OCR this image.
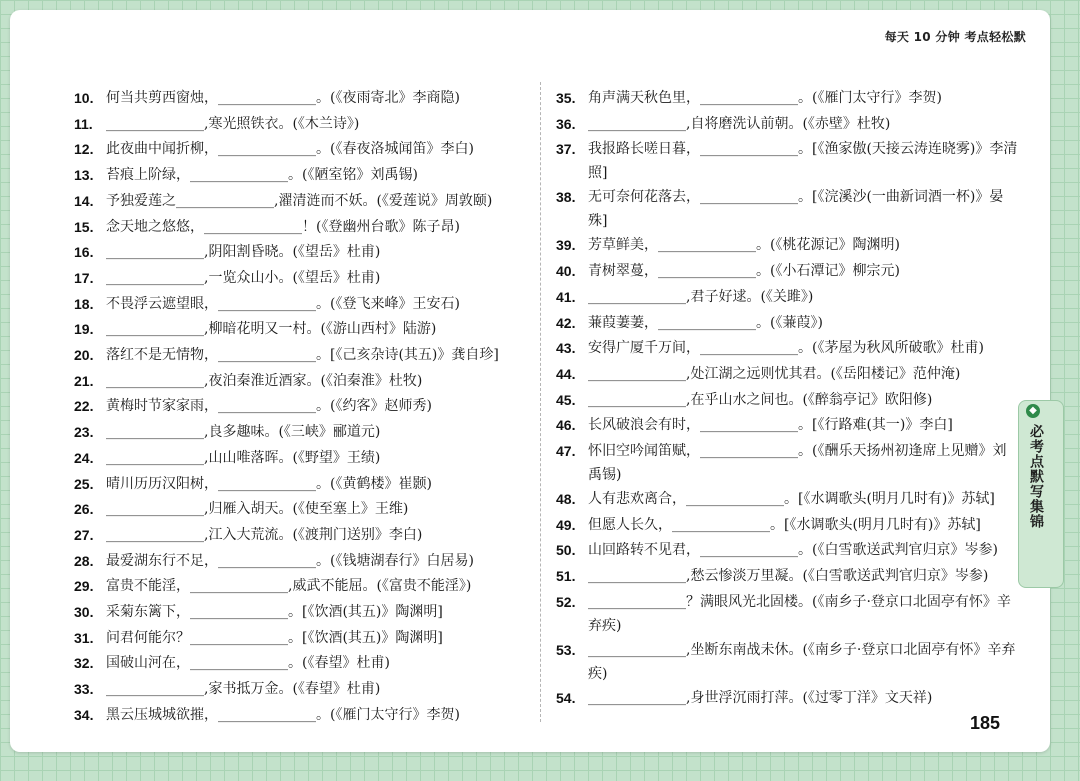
每天 10 分钟 考点轻松默
10. 何当共剪西窗烛，______________。(《夜雨寄北》李商隐)
11. ______________,寒光照铁衣。(《木兰诗》)
12. 此夜曲中闻折柳，______________。(《春夜洛城闻笛》李白)
13. 苔痕上阶绿，______________。(《陋室铭》刘禹锡)
14. 予独爱莲之______________,濯清涟而不妖。(《爱莲说》周敦颐)
15. 念天地之悠悠，______________！(《登幽州台歌》陈子昂)
16. ______________,阴阳割昏晓。(《望岳》杜甫)
17. ______________,一览众山小。(《望岳》杜甫)
18. 不畏浮云遮望眼，______________。(《登飞来峰》王安石)
19. ______________,柳暗花明又一村。(《游山西村》陆游)
20. 落红不是无情物，______________。[《己亥杂诗(其五)》龚自珍]
21. ______________,夜泊秦淮近酒家。(《泊秦淮》杜牧)
22. 黄梅时节家家雨，______________。(《约客》赵师秀)
23. ______________,良多趣味。(《三峡》郦道元)
24. ______________,山山唯落晖。(《野望》王绩)
25. 晴川历历汉阳树，______________。(《黄鹤楼》崔颢)
26. ______________,归雁入胡天。(《使至塞上》王维)
27. ______________,江入大荒流。(《渡荆门送别》李白)
28. 最爱湖东行不足，______________。(《钱塘湖春行》白居易)
29. 富贵不能淫，______________,威武不能屈。(《富贵不能淫》)
30. 采菊东篱下，______________。[《饮酒(其五)》陶渊明]
31. 问君何能尔？______________。[《饮酒(其五)》陶渊明]
32. 国破山河在，______________。(《春望》杜甫)
33. ______________,家书抵万金。(《春望》杜甫)
34. 黑云压城城欲摧，______________。(《雁门太守行》李贺)
35. 角声满天秋色里，______________。(《雁门太守行》李贺)
36. ______________,自将磨洗认前朝。(《赤壁》杜牧)
37. 我报路长嗟日暮，______________。[《渔家傲(天接云涛连晓雾)》李清照]
38. 无可奈何花落去，______________。[《浣溪沙(一曲新词酒一杯)》晏殊]
39. 芳草鲜美，______________。(《桃花源记》陶渊明)
40. 青树翠蔓，______________。(《小石潭记》柳宗元)
41. ______________,君子好逑。(《关雎》)
42. 蒹葭萋萋，______________。(《蒹葭》)
43. 安得广厦千万间，______________。(《茅屋为秋风所破歌》杜甫)
44. ______________,处江湖之远则忧其君。(《岳阳楼记》范仲淹)
45. ______________,在乎山水之间也。(《醉翁亭记》欧阳修)
46. 长风破浪会有时，______________。[《行路难(其一)》李白]
47. 怀旧空吟闻笛赋，______________。(《酬乐天扬州初逢席上见赠》刘禹锡)
48. 人有悲欢离合，______________。[《水调歌头(明月几时有)》苏轼]
49. 但愿人长久，______________。[《水调歌头(明月几时有)》苏轼]
50. 山回路转不见君，______________。(《白雪歌送武判官归京》岑参)
51. ______________,愁云惨淡万里凝。(《白雪歌送武判官归京》岑参)
52. ______________？满眼风光北固楼。(《南乡子·登京口北固亭有怀》辛弃疾)
53. ______________,坐断东南战未休。(《南乡子·登京口北固亭有怀》辛弃疾)
54. ______________,身世浮沉雨打萍。(《过零丁洋》文天祥)
185
◆
必考点默写集锦
